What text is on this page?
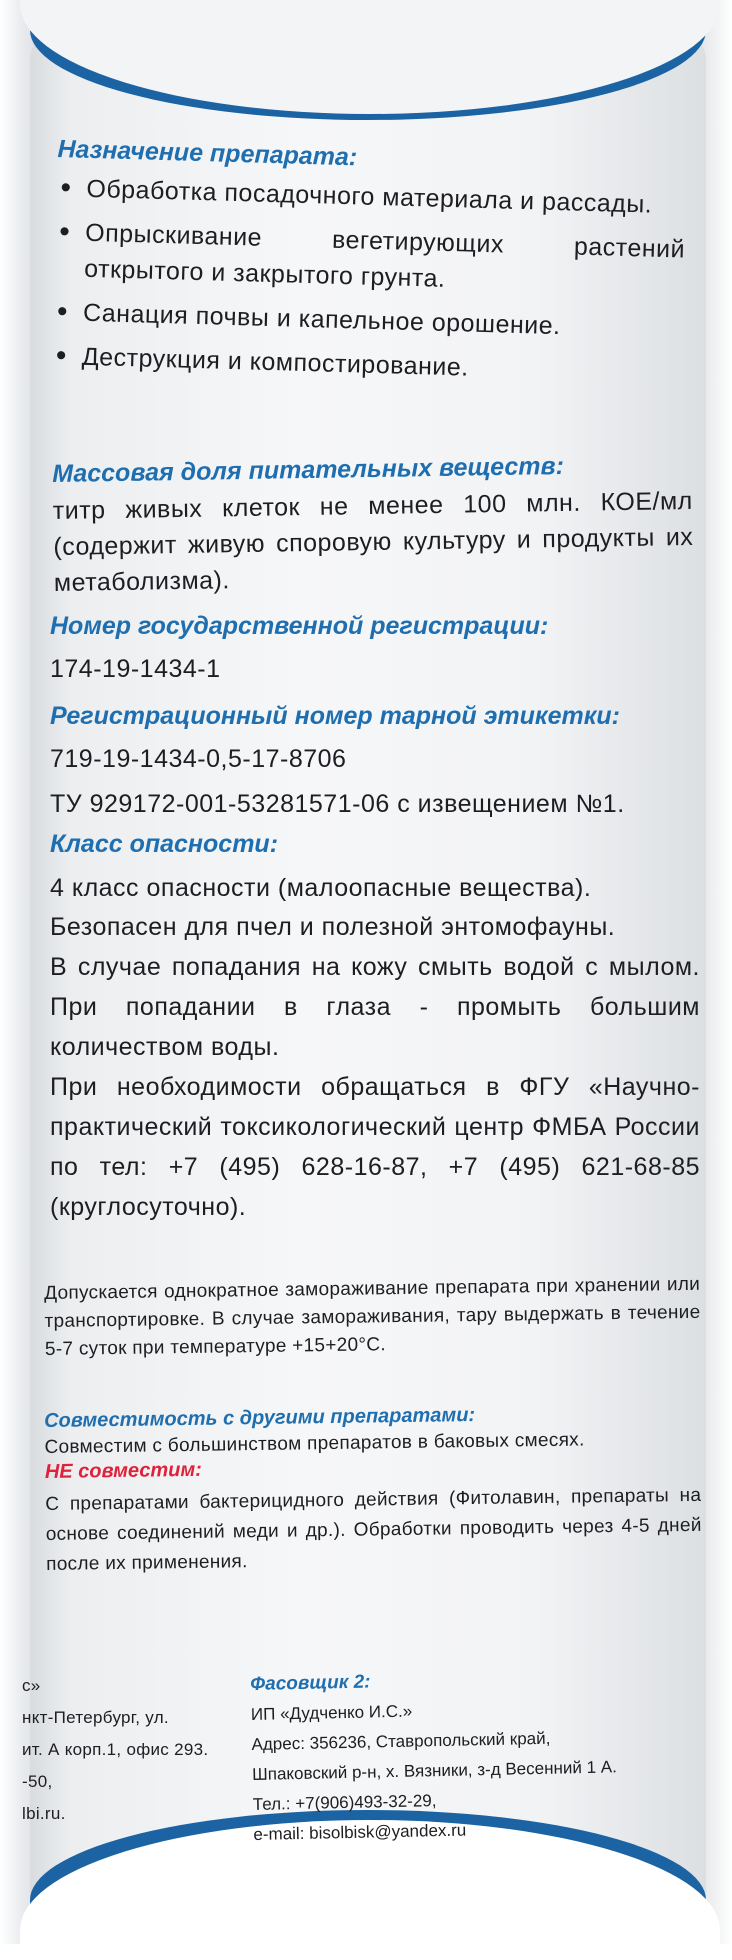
Назначение препарата:
• Обработка посадочного материала и рассады.
• Опрыскивание вегетирующих растений открытого и закрытого грунта.
• Санация почвы и капельное орошение.
• Деструкция и компостирование.
Массовая доля питательных веществ:
титр живых клеток не менее 100 млн. КОЕ/мл (содержит живую споровую культуру и продукты их метаболизма).
Номер государственной регистрации:
174-19-1434-1
Регистрационный номер тарной этикетки:
719-19-1434-0,5-17-8706
ТУ 929172-001-53281571-06 с извещением №1.
Класс опасности:
4 класс опасности (малоопасные вещества).
Безопасен для пчел и полезной энтомофауны.
В случае попадания на кожу смыть водой с мылом. При попадании в глаза - промыть большим количеством воды.
При необходимости обращаться в ФГУ «Научно-практический токсикологический центр ФМБА России по тел: +7 (495) 628-16-87, +7 (495) 621-68-85 (круглосуточно).
Допускается однократное замораживание препарата при хранении или транспортировке. В случае замораживания, тару выдержать в течение 5-7 суток при температуре +15+20°С.
Совместимость с другими препаратами:
Совместим с большинством препаратов в баковых смесях.
НЕ совместим:
С препаратами бактерицидного действия (Фитолавин, препараты на основе соединений меди и др.). Обработки проводить через 4-5 дней после их применения.
с»
нкт-Петербург, ул.
ит. А корп.1, офис 293.
-50,
lbi.ru.
Фасовщик 2:
ИП «Дудченко И.С.»
Адрес: 356236, Ставропольский край,
Шпаковский р-н, х. Вязники, з-д Весенний 1 А.
Тел.: +7(906)493-32-29,
e-mail: bisolbisk@yandex.ru
